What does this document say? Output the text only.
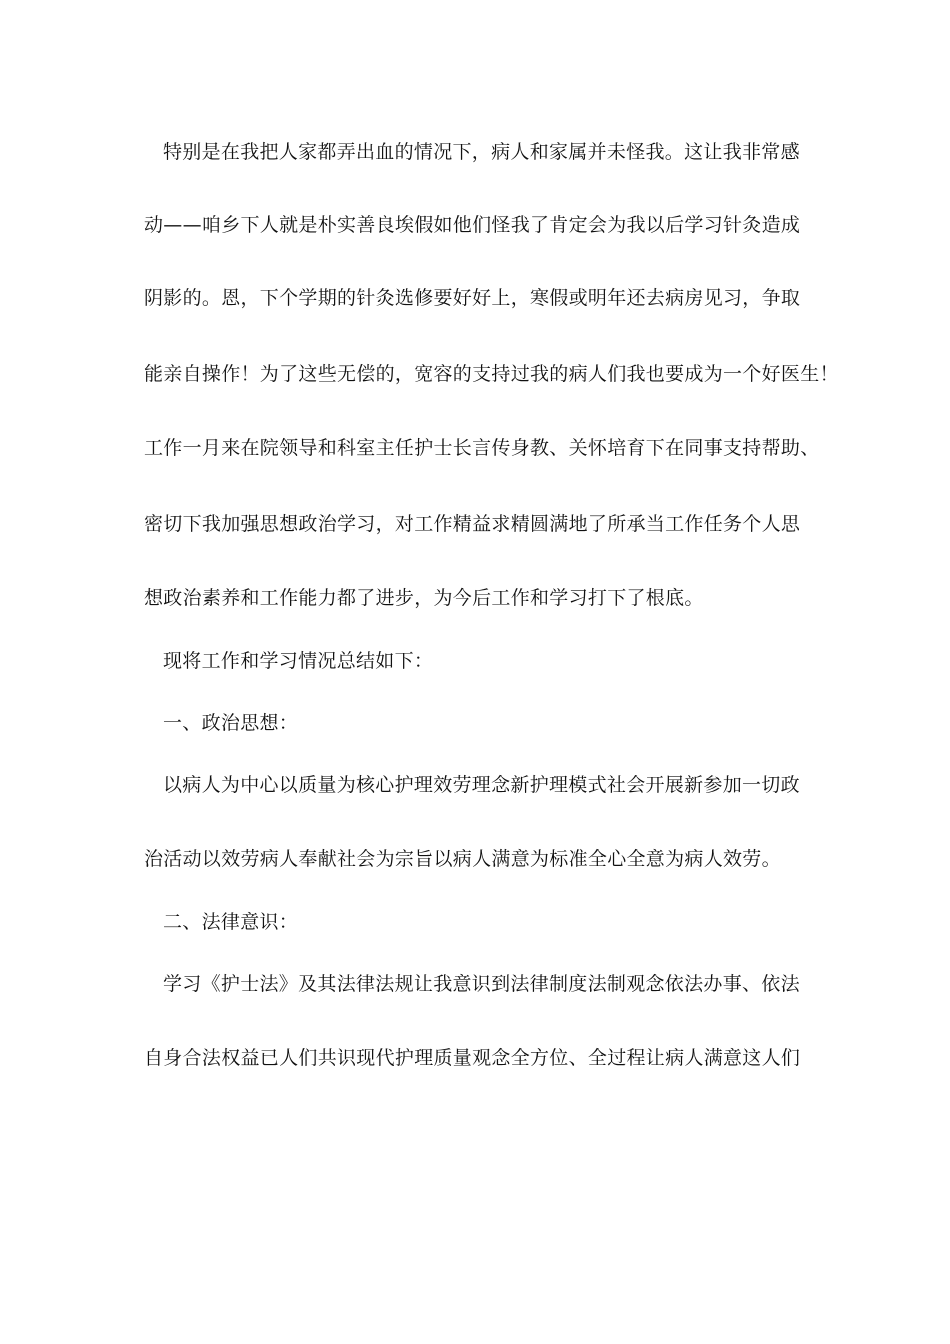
特别是在我把人家都弄出血的情况下，病人和家属并未怪我。这让我非常感
动——咱乡下人就是朴实善良埃假如他们怪我了肯定会为我以后学习针灸造成
阴影的。恩，下个学期的针灸选修要好好上，寒假或明年还去病房见习，争取
能亲自操作！为了这些无偿的，宽容的支持过我的病人们我也要成为一个好医生！
工作一月来在院领导和科室主任护士长言传身教、关怀培育下在同事支持帮助、
密切下我加强思想政治学习，对工作精益求精圆满地了所承当工作任务个人思
想政治素养和工作能力都了进步，为今后工作和学习打下了根底。
现将工作和学习情况总结如下：
一、政治思想：
以病人为中心以质量为核心护理效劳理念新护理模式社会开展新参加一切政
治活动以效劳病人奉献社会为宗旨以病人满意为标准全心全意为病人效劳。
二、法律意识：
学习《护士法》及其法律法规让我意识到法律制度法制观念依法办事、依法
自身合法权益已人们共识现代护理质量观念全方位、全过程让病人满意这人们
